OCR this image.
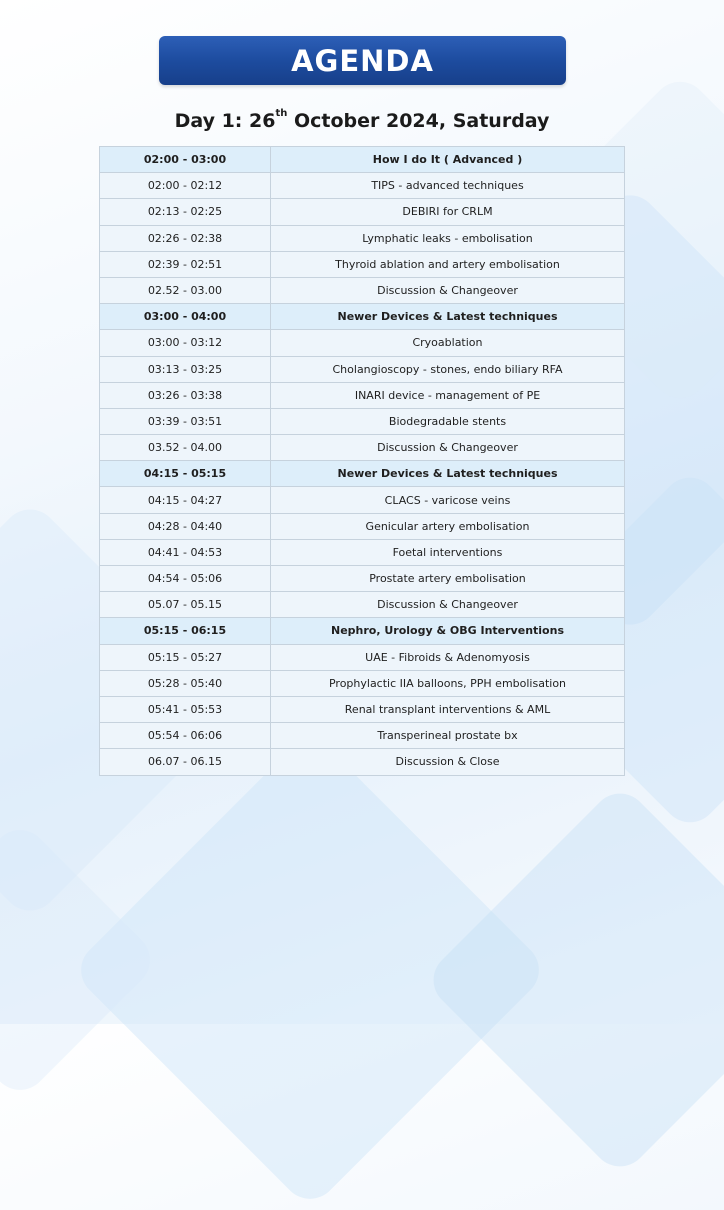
AGENDA
Day 1: 26th October 2024, Saturday
02:00 - 03:00	How I do It ( Advanced )
02:00 - 02:12	TIPS - advanced techniques
02:13 - 02:25	DEBIRI for CRLM
02:26 - 02:38	Lymphatic leaks - embolisation
02:39 - 02:51	Thyroid ablation and artery embolisation
02.52 - 03.00	Discussion & Changeover
03:00 - 04:00	Newer Devices & Latest techniques
03:00 - 03:12	Cryoablation
03:13 - 03:25	Cholangioscopy - stones, endo biliary RFA
03:26 - 03:38	INARI device - management of PE
03:39 - 03:51	Biodegradable stents
03.52 - 04.00	Discussion & Changeover
04:15 - 05:15	Newer Devices & Latest techniques
04:15 - 04:27	CLACS - varicose veins
04:28 - 04:40	Genicular artery embolisation
04:41 - 04:53	Foetal interventions
04:54 - 05:06	Prostate artery embolisation
05.07 - 05.15	Discussion & Changeover
05:15 - 06:15	Nephro, Urology & OBG Interventions
05:15 - 05:27	UAE - Fibroids & Adenomyosis
05:28 - 05:40	Prophylactic IIA balloons, PPH embolisation
05:41 - 05:53	Renal transplant interventions & AML
05:54 - 06:06	Transperineal prostate bx
06.07 - 06.15	Discussion & Close
